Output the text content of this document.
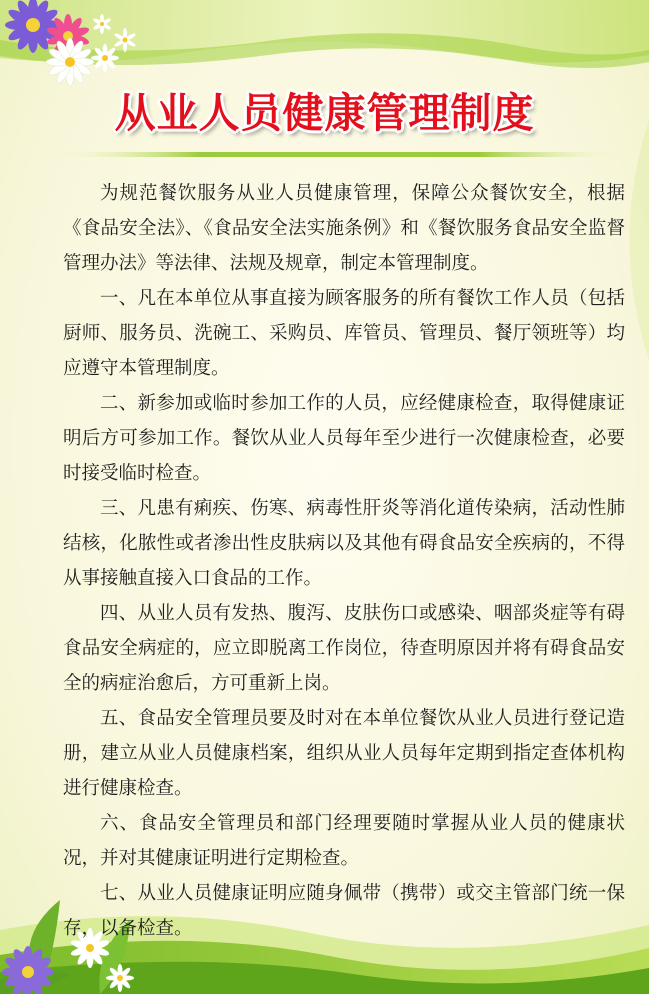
从业人员健康管理制度

为规范餐饮服务从业人员健康管理，保障公众餐饮安全，根据《食品安全法》、《食品安全法实施条例》和《餐饮服务食品安全监督管理办法》等法律、法规及规章，制定本管理制度。

一、凡在本单位从事直接为顾客服务的所有餐饮工作人员（包括厨师、服务员、洗碗工、采购员、库管员、管理员、餐厅领班等）均应遵守本管理制度。

二、新参加或临时参加工作的人员，应经健康检查，取得健康证明后方可参加工作。餐饮从业人员每年至少进行一次健康检查，必要时接受临时检查。

三、凡患有痢疾、伤寒、病毒性肝炎等消化道传染病，活动性肺结核，化脓性或者渗出性皮肤病以及其他有碍食品安全疾病的，不得从事接触直接入口食品的工作。

四、从业人员有发热、腹泻、皮肤伤口或感染、咽部炎症等有碍食品安全病症的，应立即脱离工作岗位，待查明原因并将有碍食品安全的病症治愈后，方可重新上岗。

五、食品安全管理员要及时对在本单位餐饮从业人员进行登记造册，建立从业人员健康档案，组织从业人员每年定期到指定查体机构进行健康检查。

六、食品安全管理员和部门经理要随时掌握从业人员的健康状况，并对其健康证明进行定期检查。

七、从业人员健康证明应随身佩带（携带）或交主管部门统一保存，以备检查。
